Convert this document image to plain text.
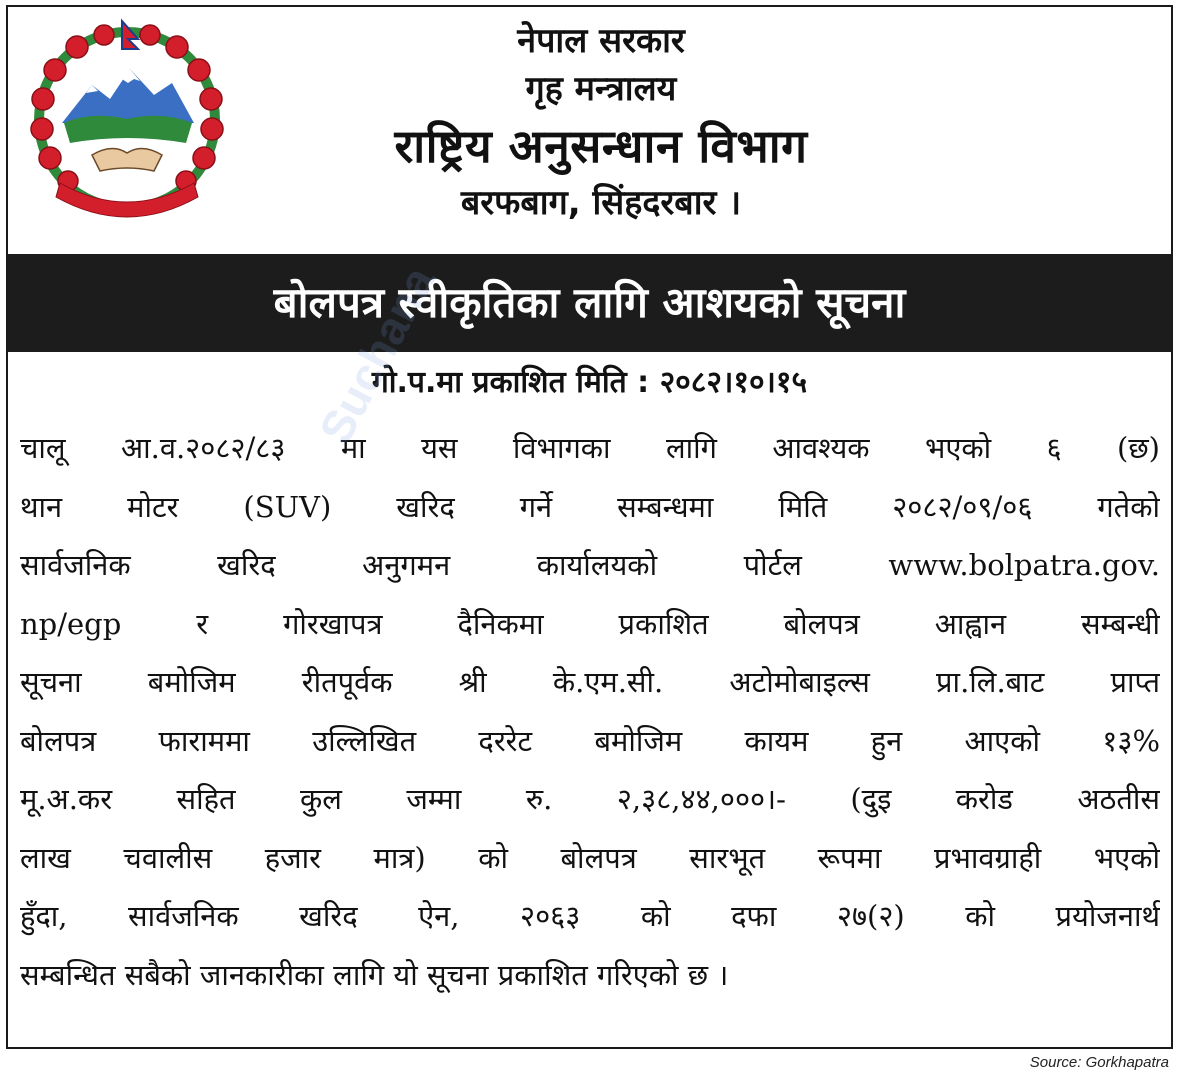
नेपाल सरकार
गृह मन्त्रालय
राष्ट्रिय अनुसन्धान विभाग
बरफबाग, सिंहदरबार ।
बोलपत्र स्वीकृतिका लागि आशयको सूचना
गो.प.मा प्रकाशित मिति : २०८२।१०।१५
चालू आ.व.२०८२/८३ मा यस विभागका लागि आवश्यक भएको ६ (छ)
थान मोटर (SUV) खरिद गर्ने सम्बन्धमा मिति २०८२/०९/०६ गतेको
सार्वजनिक खरिद अनुगमन कार्यालयको पोर्टल www.bolpatra.gov.
np/egp र गोरखापत्र दैनिकमा प्रकाशित बोलपत्र आह्वान सम्बन्धी
सूचना बमोजिम रीतपूर्वक श्री के.एम.सी. अटोमोबाइल्स प्रा.लि.बाट प्राप्त
बोलपत्र फाराममा उल्लिखित दररेट बमोजिम कायम हुन आएको १३%
मू.अ.कर सहित कुल जम्मा रु. २,३८,४४,०००।- (दुइ करोड अठतीस
लाख चवालीस हजार मात्र) को बोलपत्र सारभूत रूपमा प्रभावग्राही भएको
हुँदा, सार्वजनिक खरिद ऐन, २०६३ को दफा २७(२) को प्रयोजनार्थ
सम्बन्धित सबैको जानकारीका लागि यो सूचना प्रकाशित गरिएको छ ।
Suchana
Source: Gorkhapatra
